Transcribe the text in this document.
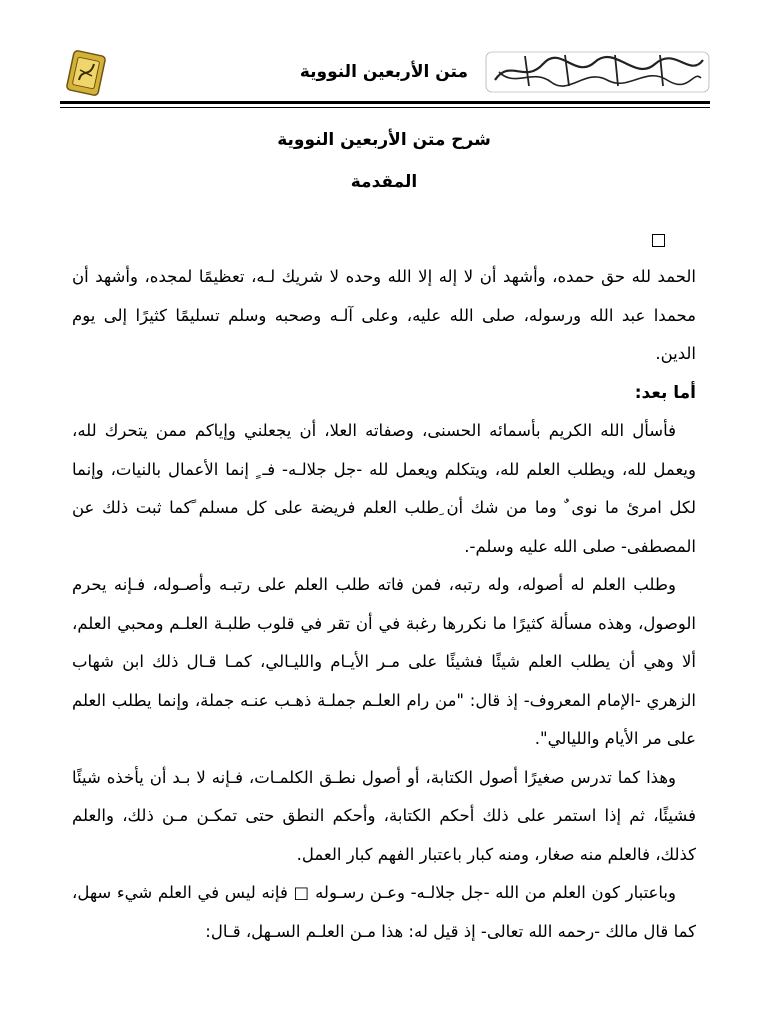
متن الأربعين النووية
شرح متن الأربعين النووية
المقدمة

الحمد لله حق حمده، وأشهد أن لا إله إلا الله وحده لا شريك لـه، تعظيمًا لمجده، وأشهد أن محمدا عبد الله ورسوله، صلى الله عليه، وعلى آلـه وصحبه وسلم تسليمًا كثيرًا إلى يوم الدين.

أما بعد:

فأسأل الله الكريم بأسمائه الحسنى، وصفاته العلا، أن يجعلني وإياكم ممن يتحرك لله، ويعمل لله، ويطلب العلم لله، ويتكلم ويعمل لله -جل جلالـه- فـ ٍ إنما الأعمال بالنيات، وإنما لكل امرئ ما نوى ٌ وما من شك أن ِطلب العلم فريضة على كل مسلم ًكما ثبت ذلك عن المصطفى- صلى الله عليه وسلم-.

وطلب العلم له أصوله، وله رتبه، فمن فاته طلب العلم على رتبـه وأصـوله، فـإنه يحرم الوصول، وهذه مسألة كثيرًا ما نكررها رغبة في أن تقر في قلوب طلبـة العلـم ومحبي العلم، ألا وهي أن يطلب العلم شيئًا فشيئًا على مـر الأيـام والليـالي، كمـا قـال ذلك ابن شهاب الزهري -الإمام المعروف- إذ قال: "من رام العلـم جملـة ذهـب عنـه جملة، وإنما يطلب العلم على مر الأيام والليالي".

وهذا كما تدرس صغيرًا أصول الكتابة، أو أصول نطـق الكلمـات، فـإنه لا بـد أن يأخذه شيئًا فشيئًا، ثم إذا استمر على ذلك أحكم الكتابة، وأحكم النطق حتى تمكـن مـن ذلك، والعلم كذلك، فالعلم منه صغار، ومنه كبار باعتبار الفهم كبار العمل.

وباعتبار كون العلم من الله -جل جلالـه- وعـن رسـوله □ فإنه ليس في العلم شيء سهل، كما قال مالك -رحمه الله تعالى- إذ قيل له: هذا مـن العلـم السـهل، قـال:
